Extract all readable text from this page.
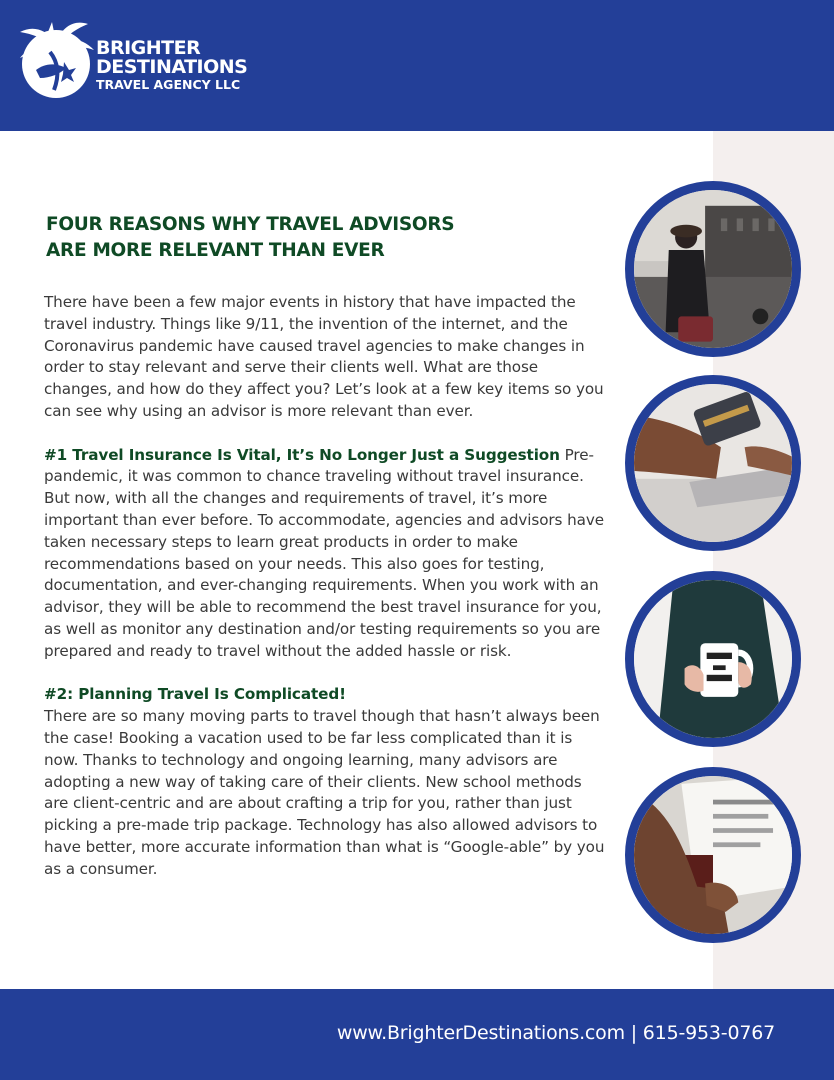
BRIGHTER
DESTINATIONS
TRAVEL AGENCY LLC
FOUR REASONS WHY TRAVEL ADVISORS
ARE MORE RELEVANT THAN EVER

There have been a few major events in history that have impacted the travel industry. Things like 9/11, the invention of the internet, and the Coronavirus pandemic have caused travel agencies to make changes in order to stay relevant and serve their clients well. What are those changes, and how do they affect you? Let’s look at a few key items so you can see why using an advisor is more relevant than ever.

#1 Travel Insurance Is Vital, It’s No Longer Just a Suggestion Pre-pandemic, it was common to chance traveling without travel insurance. But now, with all the changes and requirements of travel, it’s more important than ever before. To accommodate, agencies and advisors have taken necessary steps to learn great products in order to make recommendations based on your needs. This also goes for testing, documentation, and ever-changing requirements. When you work with an advisor, they will be able to recommend the best travel insurance for you, as well as monitor any destination and/or testing requirements so you are prepared and ready to travel without the added hassle or risk.

#2: Planning Travel Is Complicated!
There are so many moving parts to travel though that hasn’t always been the case! Booking a vacation used to be far less complicated than it is now. Thanks to technology and ongoing learning, many advisors are adopting a new way of taking care of their clients. New school methods are client-centric and are about crafting a trip for you, rather than just picking a pre-made trip package. Technology has also allowed advisors to have better, more accurate information than what is “Google-able” by you as a consumer.

www.BrighterDestinations.com | 615-953-0767
